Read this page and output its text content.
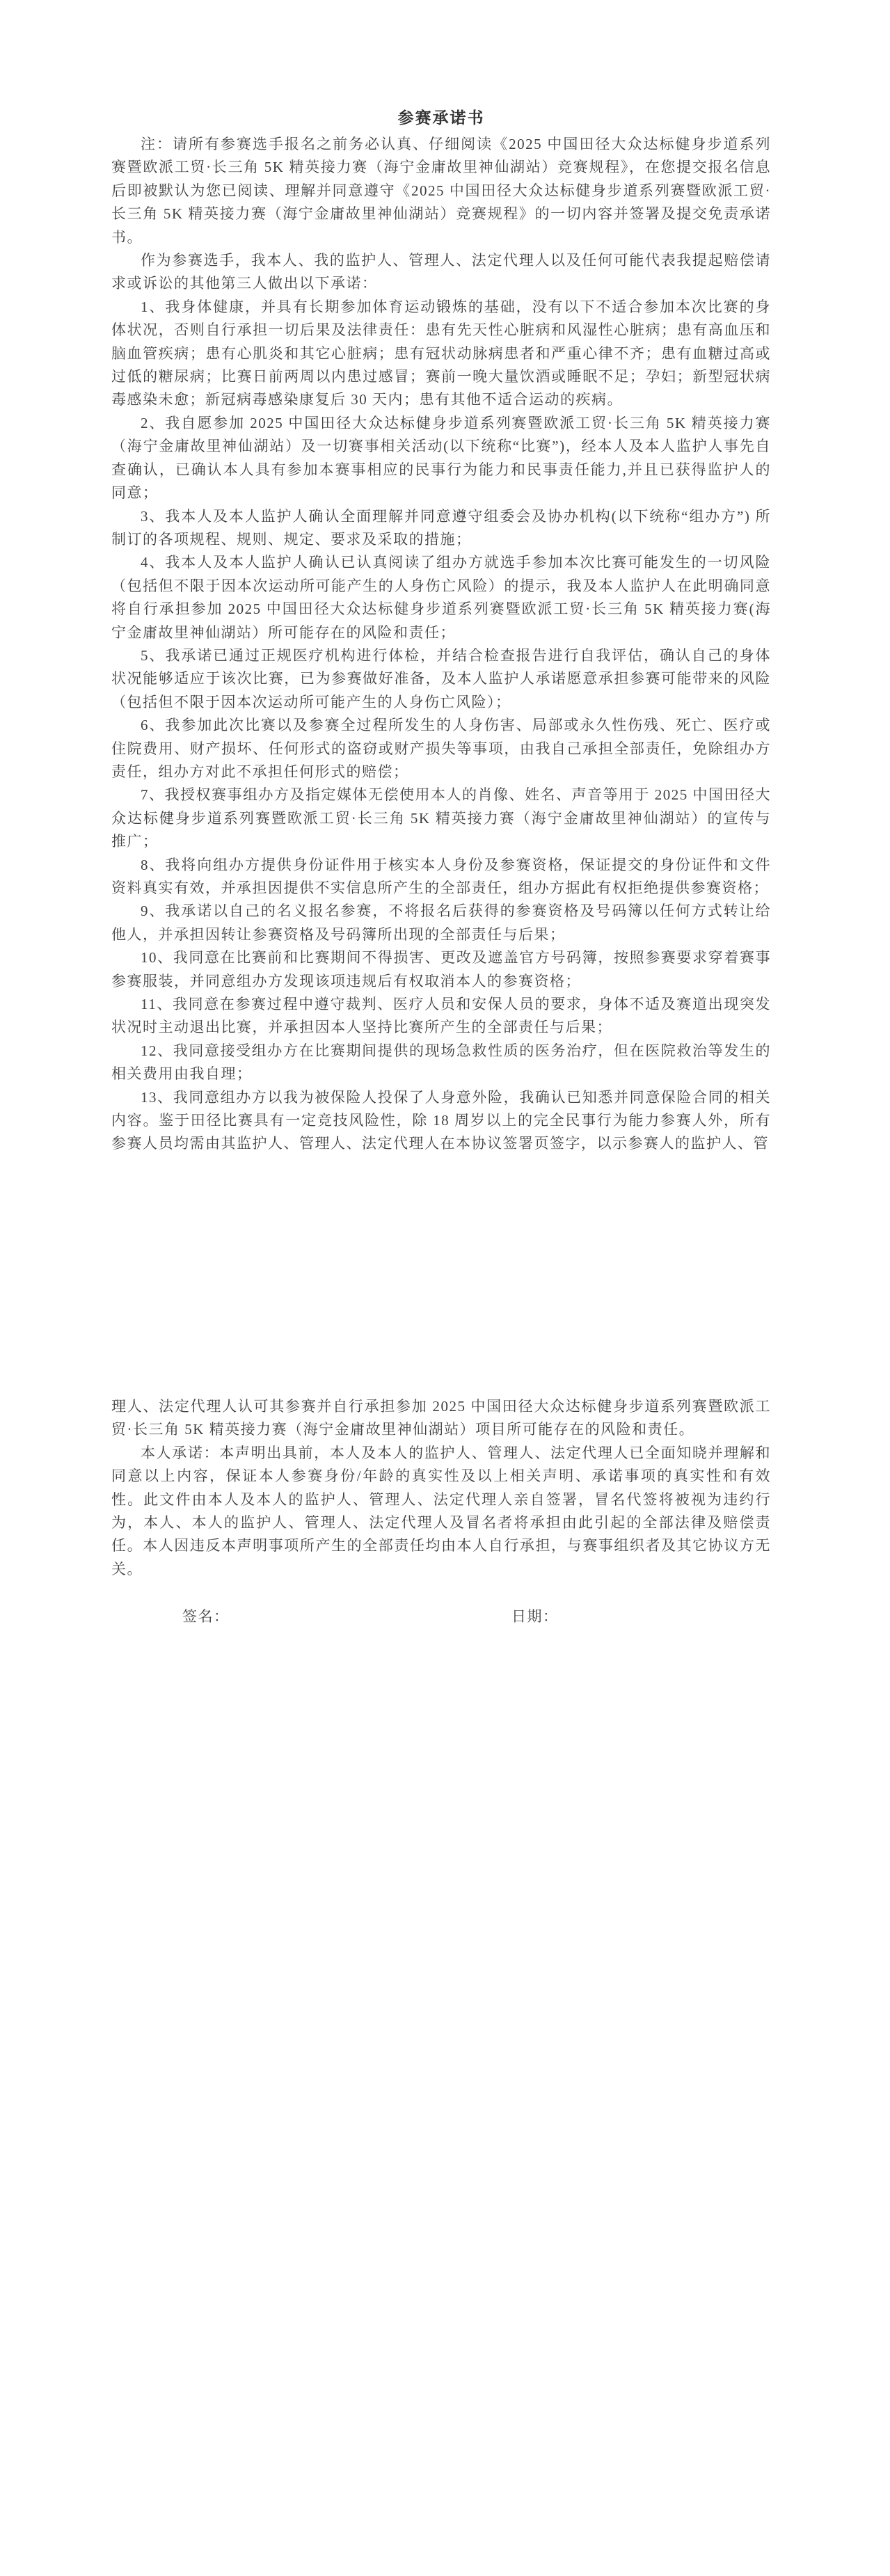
参赛承诺书

注：请所有参赛选手报名之前务必认真、仔细阅读《2025 中国田径大众达标健身步道系列赛暨欧派工贸·长三角 5K 精英接力赛（海宁金庸故里神仙湖站）竞赛规程》，在您提交报名信息后即被默认为您已阅读、理解并同意遵守《2025 中国田径大众达标健身步道系列赛暨欧派工贸·长三角 5K 精英接力赛（海宁金庸故里神仙湖站）竞赛规程》的一切内容并签署及提交免责承诺书。

作为参赛选手，我本人、我的监护人、管理人、法定代理人以及任何可能代表我提起赔偿请求或诉讼的其他第三人做出以下承诺：

1、我身体健康，并具有长期参加体育运动锻炼的基础，没有以下不适合参加本次比赛的身体状况，否则自行承担一切后果及法律责任：患有先天性心脏病和风湿性心脏病；患有高血压和脑血管疾病；患有心肌炎和其它心脏病；患有冠状动脉病患者和严重心律不齐；患有血糖过高或过低的糖尿病；比赛日前两周以内患过感冒；赛前一晚大量饮酒或睡眠不足；孕妇；新型冠状病毒感染未愈；新冠病毒感染康复后 30 天内；患有其他不适合运动的疾病。

2、我自愿参加 2025 中国田径大众达标健身步道系列赛暨欧派工贸·长三角 5K 精英接力赛（海宁金庸故里神仙湖站）及一切赛事相关活动(以下统称“比赛”)，经本人及本人监护人事先自查确认，已确认本人具有参加本赛事相应的民事行为能力和民事责任能力,并且已获得监护人的同意；

3、我本人及本人监护人确认全面理解并同意遵守组委会及协办机构(以下统称“组办方”) 所制订的各项规程、规则、规定、要求及采取的措施；

4、我本人及本人监护人确认已认真阅读了组办方就选手参加本次比赛可能发生的一切风险（包括但不限于因本次运动所可能产生的人身伤亡风险）的提示，我及本人监护人在此明确同意将自行承担参加 2025 中国田径大众达标健身步道系列赛暨欧派工贸·长三角 5K 精英接力赛(海宁金庸故里神仙湖站）所可能存在的风险和责任；

5、我承诺已通过正规医疗机构进行体检，并结合检查报告进行自我评估，确认自己的身体状况能够适应于该次比赛，已为参赛做好准备，及本人监护人承诺愿意承担参赛可能带来的风险（包括但不限于因本次运动所可能产生的人身伤亡风险）；

6、我参加此次比赛以及参赛全过程所发生的人身伤害、局部或永久性伤残、死亡、医疗或住院费用、财产损坏、任何形式的盗窃或财产损失等事项，由我自己承担全部责任，免除组办方责任，组办方对此不承担任何形式的赔偿；

7、我授权赛事组办方及指定媒体无偿使用本人的肖像、姓名、声音等用于 2025 中国田径大众达标健身步道系列赛暨欧派工贸·长三角 5K 精英接力赛（海宁金庸故里神仙湖站）的宣传与推广；

8、我将向组办方提供身份证件用于核实本人身份及参赛资格，保证提交的身份证件和文件资料真实有效，并承担因提供不实信息所产生的全部责任，组办方据此有权拒绝提供参赛资格；

9、我承诺以自己的名义报名参赛，不将报名后获得的参赛资格及号码簿以任何方式转让给他人，并承担因转让参赛资格及号码簿所出现的全部责任与后果；

10、我同意在比赛前和比赛期间不得损害、更改及遮盖官方号码簿，按照参赛要求穿着赛事参赛服装，并同意组办方发现该项违规后有权取消本人的参赛资格；

11、我同意在参赛过程中遵守裁判、医疗人员和安保人员的要求，身体不适及赛道出现突发状况时主动退出比赛，并承担因本人坚持比赛所产生的全部责任与后果；

12、我同意接受组办方在比赛期间提供的现场急救性质的医务治疗，但在医院救治等发生的相关费用由我自理；

13、我同意组办方以我为被保险人投保了人身意外险，我确认已知悉并同意保险合同的相关内容。鉴于田径比赛具有一定竞技风险性，除 18 周岁以上的完全民事行为能力参赛人外，所有参赛人员均需由其监护人、管理人、法定代理人在本协议签署页签字，以示参赛人的监护人、管

理人、法定代理人认可其参赛并自行承担参加 2025 中国田径大众达标健身步道系列赛暨欧派工贸·长三角 5K 精英接力赛（海宁金庸故里神仙湖站）项目所可能存在的风险和责任。

本人承诺：本声明出具前，本人及本人的监护人、管理人、法定代理人已全面知晓并理解和同意以上内容，保证本人参赛身份/年龄的真实性及以上相关声明、承诺事项的真实性和有效性。此文件由本人及本人的监护人、管理人、法定代理人亲自签署，冒名代签将被视为违约行为，本人、本人的监护人、管理人、法定代理人及冒名者将承担由此引起的全部法律及赔偿责任。本人因违反本声明事项所产生的全部责任均由本人自行承担，与赛事组织者及其它协议方无关。

签名：	日期：
